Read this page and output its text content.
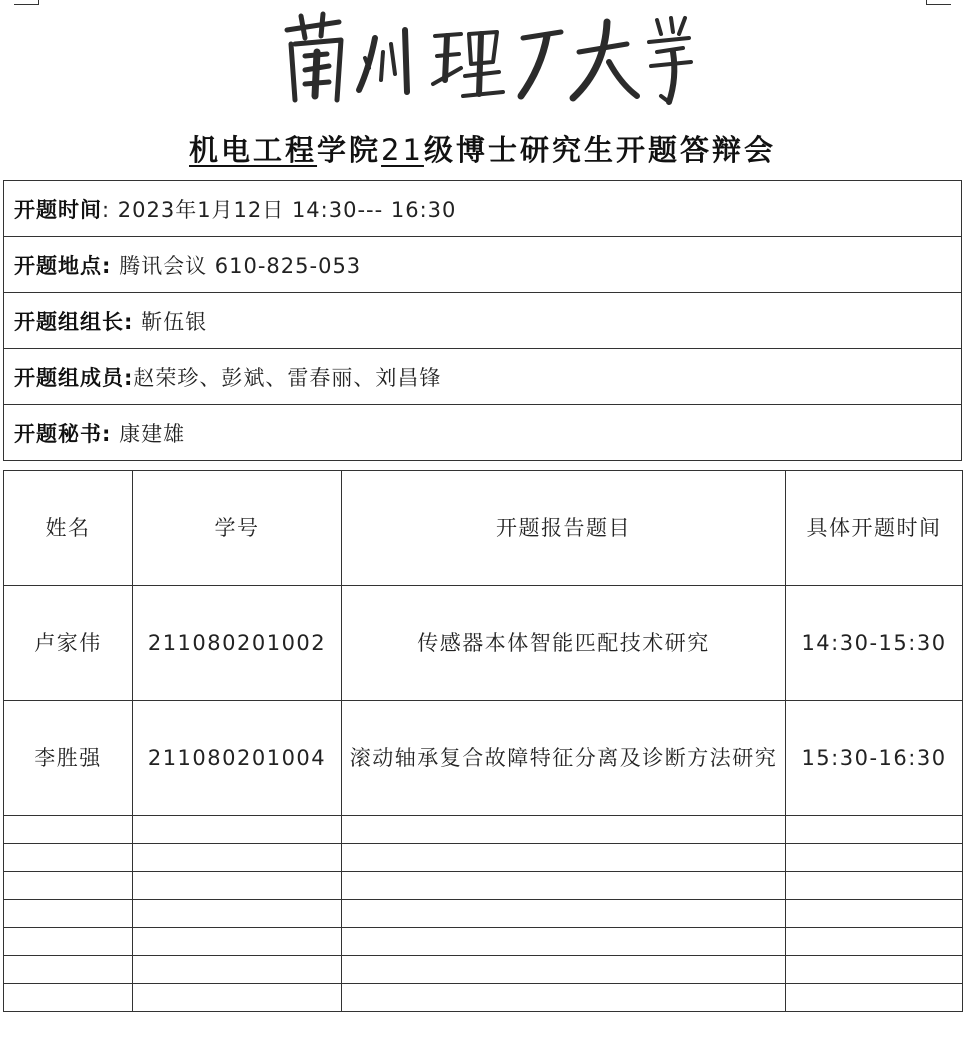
机电工程学院21级博士研究生开题答辩会
开题时间: 2023年1月12日 14:30--- 16:30
开题地点: 腾讯会议 610-825-053
开题组组长: 靳伍银
开题组成员:赵荣珍、彭斌、雷春丽、刘昌锋
开题秘书: 康建雄
姓名	学号	开题报告题目	具体开题时间
卢家伟	211080201002	传感器本体智能匹配技术研究	14:30-15:30
李胜强	211080201004	滚动轴承复合故障特征分离及诊断方法研究	15:30-16:30
